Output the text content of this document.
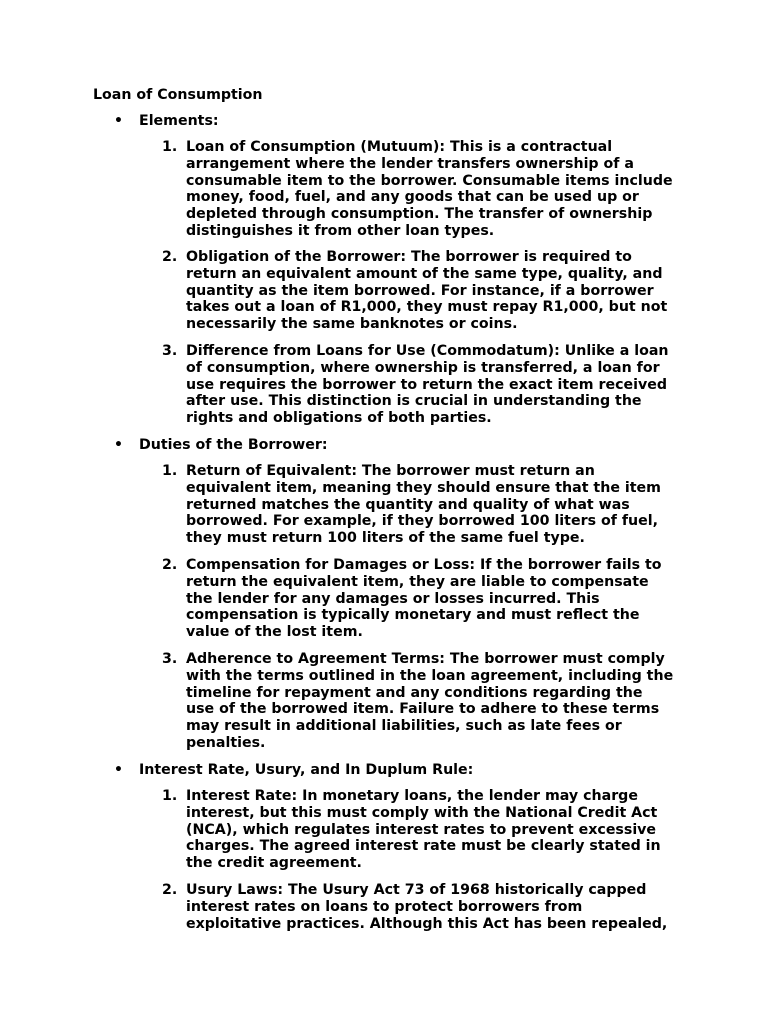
Loan of Consumption
• Elements:
1. Loan of Consumption (Mutuum): This is a contractual
arrangement where the lender transfers ownership of a
consumable item to the borrower. Consumable items include
money, food, fuel, and any goods that can be used up or
depleted through consumption. The transfer of ownership
distinguishes it from other loan types.
2. Obligation of the Borrower: The borrower is required to
return an equivalent amount of the same type, quality, and
quantity as the item borrowed. For instance, if a borrower
takes out a loan of R1,000, they must repay R1,000, but not
necessarily the same banknotes or coins.
3. Difference from Loans for Use (Commodatum): Unlike a loan
of consumption, where ownership is transferred, a loan for
use requires the borrower to return the exact item received
after use. This distinction is crucial in understanding the
rights and obligations of both parties.
• Duties of the Borrower:
1. Return of Equivalent: The borrower must return an
equivalent item, meaning they should ensure that the item
returned matches the quantity and quality of what was
borrowed. For example, if they borrowed 100 liters of fuel,
they must return 100 liters of the same fuel type.
2. Compensation for Damages or Loss: If the borrower fails to
return the equivalent item, they are liable to compensate
the lender for any damages or losses incurred. This
compensation is typically monetary and must reflect the
value of the lost item.
3. Adherence to Agreement Terms: The borrower must comply
with the terms outlined in the loan agreement, including the
timeline for repayment and any conditions regarding the
use of the borrowed item. Failure to adhere to these terms
may result in additional liabilities, such as late fees or
penalties.
• Interest Rate, Usury, and In Duplum Rule:
1. Interest Rate: In monetary loans, the lender may charge
interest, but this must comply with the National Credit Act
(NCA), which regulates interest rates to prevent excessive
charges. The agreed interest rate must be clearly stated in
the credit agreement.
2. Usury Laws: The Usury Act 73 of 1968 historically capped
interest rates on loans to protect borrowers from
exploitative practices. Although this Act has been repealed,
